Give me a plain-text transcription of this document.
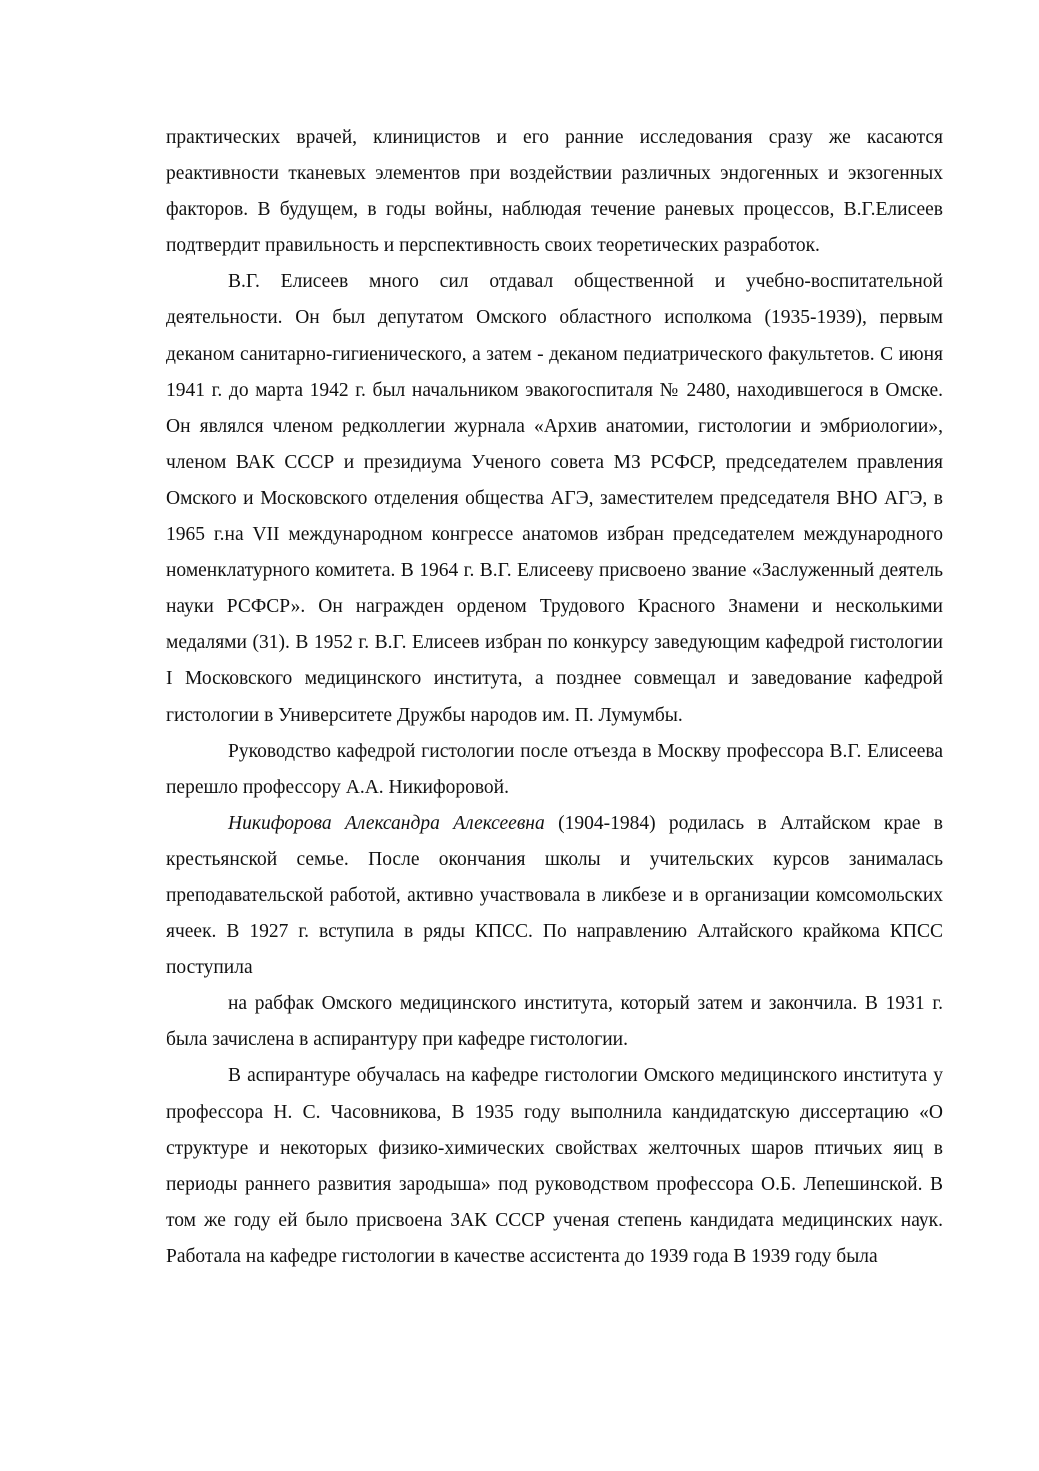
практических врачей, клиницистов и его ранние исследования сразу же касаются реактивности тканевых элементов при воздействии различных эндогенных и экзогенных факторов. В будущем, в годы войны, наблюдая течение раневых процессов, В.Г.Елисеев подтвердит правильность и перспективность своих теоретических разработок.

В.Г. Елисеев много сил отдавал общественной и учебно-воспитательной деятельности. Он был депутатом Омского областного исполкома (1935-1939), первым деканом санитарно-гигиенического, а затем - деканом педиатрического факультетов. С июня 1941 г. до марта 1942 г. был начальником эвакогоспиталя № 2480, находившегося в Омске. Он являлся членом редколлегии журнала «Архив анатомии, гистологии и эмбриологии», членом ВАК СССР и президиума Ученого совета МЗ РСФСР, председателем правления Омского и Московского отделения общества АГЭ, заместителем председателя ВНО АГЭ, в 1965 г.на VII международном конгрессе анатомов избран председателем международного номенклатурного комитета. В 1964 г. В.Г. Елисееву присвоено звание «Заслуженный деятель науки РСФСР». Он награжден орденом Трудового Красного Знамени и несколькими медалями (31). В 1952 г. В.Г. Елисеев избран по конкурсу заведующим кафедрой гистологии I Московского медицинского института, а позднее совмещал и заведование кафедрой гистологии в Университете Дружбы народов им. П. Лумумбы.

Руководство кафедрой гистологии после отъезда в Москву профессора В.Г. Елисеева перешло профессору А.А. Никифоровой.

Никифорова Александра Алексеевна (1904-1984) родилась в Алтайском крае в крестьянской семье. После окончания школы и учительских курсов занималась преподавательской работой, активно участвовала в ликбезе и в организации комсомольских ячеек. В 1927 г. вступила в ряды КПСС. По направлению Алтайского крайкома КПСС поступила

на рабфак Омского медицинского института, который затем и закончила. В 1931 г. была зачислена в аспирантуру при кафедре гистологии.

В аспирантуре обучалась на кафедре гистологии Омского медицинского института у профессора Н. С. Часовникова, В 1935 году выполнила кандидатскую диссертацию «О структуре и некоторых физико-химических свойствах желточных шаров птичьих яиц в периоды раннего развития зародыша» под руководством профессора О.Б. Лепешинской. В том же году ей было присвоена ЗАК СССР ученая степень кандидата медицинских наук. Работала на кафедре гистологии в качестве ассистента до 1939 года В 1939 году была
